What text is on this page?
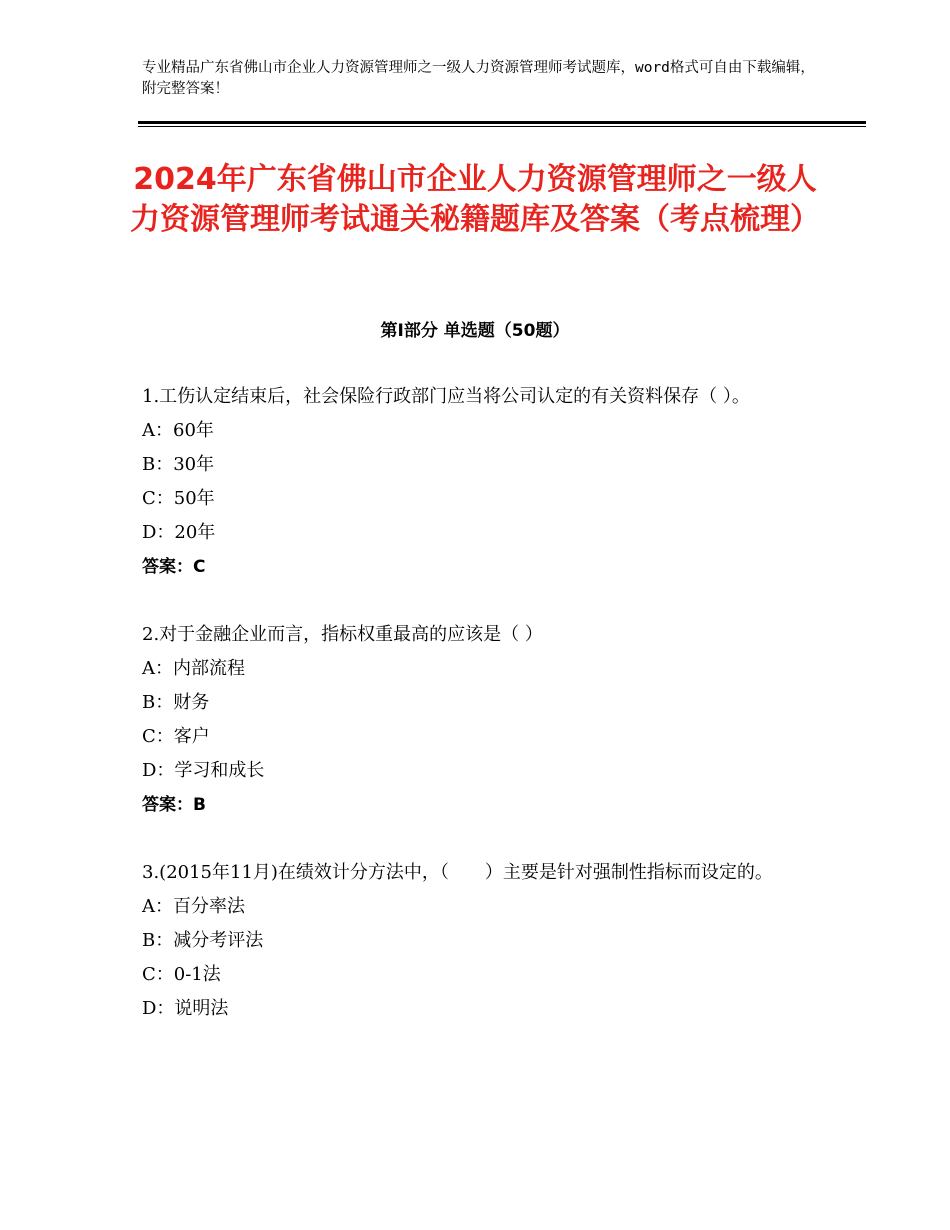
专业精品广东省佛山市企业人力资源管理师之一级人力资源管理师考试题库，word格式可自由下载编辑，附完整答案！
2024年广东省佛山市企业人力资源管理师之一级人力资源管理师考试通关秘籍题库及答案（考点梳理）
第Ⅰ部分 单选题（50题）
1.工伤认定结束后，社会保险行政部门应当将公司认定的有关资料保存（ ）。
A：60年
B：30年
C：50年
D：20年
答案：C
2.对于金融企业而言，指标权重最高的应该是（ ）
A：内部流程
B：财务
C：客户
D：学习和成长
答案：B
3.(2015年11月)在绩效计分方法中，（　　）主要是针对强制性指标而设定的。
A：百分率法
B：减分考评法
C：0-1法
D：说明法
